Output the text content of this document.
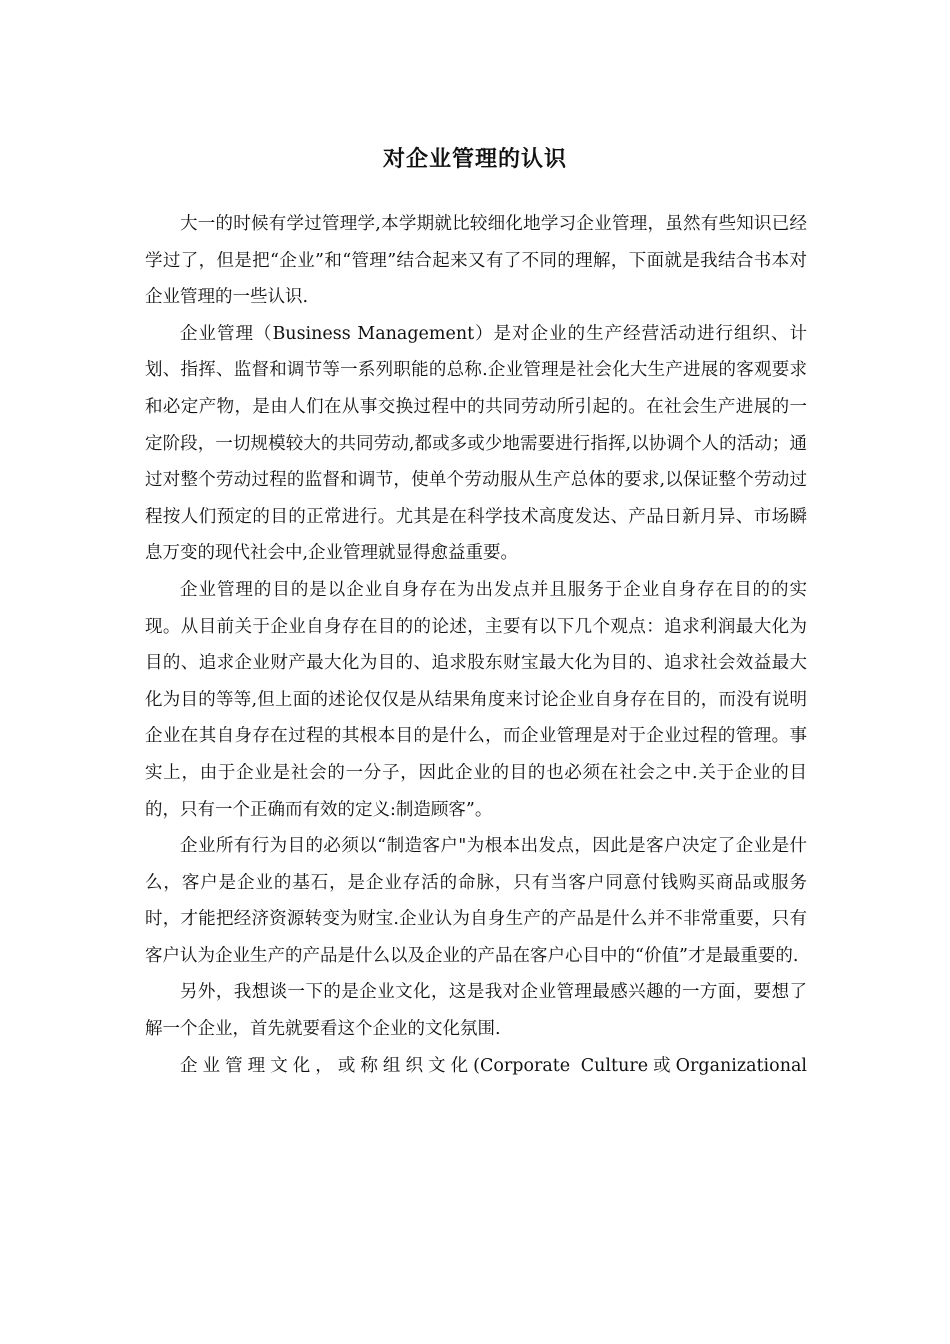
对企业管理的认识

大一的时候有学过管理学,本学期就比较细化地学习企业管理，虽然有些知识已经学过了，但是把“企业”和“管理”结合起来又有了不同的理解，下面就是我结合书本对企业管理的一些认识.

企业管理（Business Management）是对企业的生产经营活动进行组织、计划、指挥、监督和调节等一系列职能的总称.企业管理是社会化大生产进展的客观要求和必定产物，是由人们在从事交换过程中的共同劳动所引起的。在社会生产进展的一定阶段，一切规模较大的共同劳动,都或多或少地需要进行指挥,以协调个人的活动；通过对整个劳动过程的监督和调节，使单个劳动服从生产总体的要求,以保证整个劳动过程按人们预定的目的正常进行。尤其是在科学技术高度发达、产品日新月异、市场瞬息万变的现代社会中,企业管理就显得愈益重要。

企业管理的目的是以企业自身存在为出发点并且服务于企业自身存在目的的实现。从目前关于企业自身存在目的的论述，主要有以下几个观点：追求利润最大化为目的、追求企业财产最大化为目的、追求股东财宝最大化为目的、追求社会效益最大化为目的等等,但上面的述论仅仅是从结果角度来讨论企业自身存在目的，而没有说明企业在其自身存在过程的其根本目的是什么，而企业管理是对于企业过程的管理。事实上，由于企业是社会的一分子，因此企业的目的也必须在社会之中.关于企业的目的，只有一个正确而有效的定义:制造顾客”。

企业所有行为目的必须以“制造客户"为根本出发点，因此是客户决定了企业是什么，客户是企业的基石，是企业存活的命脉，只有当客户同意付钱购买商品或服务时，才能把经济资源转变为财宝.企业认为自身生产的产品是什么并不非常重要，只有客户认为企业生产的产品是什么以及企业的产品在客户心目中的“价值”才是最重要的.

另外，我想谈一下的是企业文化，这是我对企业管理最感兴趣的一方面，要想了解一个企业，首先就要看这个企业的文化氛围.

企业管理文化，或称组织文化(Corporate Culture或Organizational
